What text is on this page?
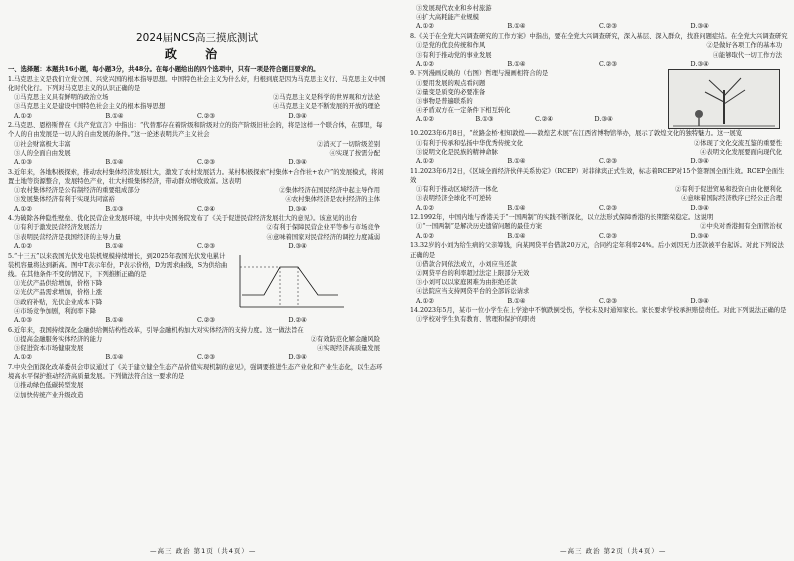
2024届NCS高三摸底测试
政 治

一、选择题：本题共16小题，每小题3分，共48分。在每小题给出的四个选项中，只有一项是符合题目要求的。

1.马克思主义是我们立党立国、兴党兴国的根本指导思想。中国特色社会主义为什么好，归根到底是因为马克思主义行、马克思主义中国化时代化行。下列对马克思主义的认识正确的是

①马克思主义具有鲜明的政治立场	②马克思主义是科学的世界观和方法论
③马克思主义是建设中国特色社会主义的根本指导思想	④马克思主义是不断发展的开放的理论
A.①②	B.①④	C.②③	D.③④

2.马克思、恩格斯曾在《共产党宣言》中指出：“代替那存在着阶级和阶级对立的资产阶级旧社会的，将是这样一个联合体，在那里，每个人的自由发展是一切人的自由发展的条件。”这一论述表明共产主义社会

①社会财富极大丰富	②消灭了一切阶级差别
③人的全面自由发展	④实现了按需分配
A.①③	B.①④	C.②③	D.③④

3.近年来，各地积极探索，推动农村集体经济发展壮大，激发了农村发展活力。某村积极探索“村集体+合作社+农户”的发展模式，将闲置土地等资源整合，发展特色产业，壮大村级集体经济，带动群众增收致富。这表明

①农村集体经济是公有制经济的重要组成部分	②集体经济在国民经济中起主导作用
③发展集体经济有利于实现共同富裕	④农村集体经济是农村经济的主体
A.①②	B.①③	C.②④	D.③④

4.为破除各种隐性壁垒、优化民营企业发展环境，中共中央国务院发布了《关于促进民营经济发展壮大的意见》。该意见的出台

①有利于激发民营经济发展活力	②有利于保障民营企业平等参与市场竞争
③表明民营经济是我国经济的主导力量	④意味着国家对民营经济的调控力度减弱
A.①②	B.①④	C.②③	D.③④

5.“十三五”以来我国光伏发电装机规模持续增长，到2025年我国光伏发电累计装机容量将达到新高。图中T表示年份，P表示价格，D为需求曲线，S为供给曲线。在其他条件不变的情况下，下列推断正确的是

①光伏产品供给增加，价格下降

②光伏产品需求增加，价格上涨

③政府补贴，光伏企业成本下降

④市场竞争加剧，利润率下降

A.①③	B.①④	C.②③	D.②④

6.近年来，我国持续深化金融供给侧结构性改革，引导金融机构加大对实体经济的支持力度。这一做法旨在

①提高金融服务实体经济的能力	②有效防范化解金融风险
③促进资本市场健康发展	④实现经济高质量发展
A.①②	B.①④	C.②③	D.③④

7.中央全面深化改革委员会审议通过了《关于建立健全生态产品价值实现机制的意见》，强调要推进生态产业化和产业生态化，以生态环境高水平保护推动经济高质量发展。下列做法符合这一要求的是

①推动绿色低碳转型发展

②加快传统产业升级改造

③发展现代农业和乡村旅游

④扩大高耗能产业规模

A.①②	B.①④	C.②③	D.③④

8.《关于在全党大兴调查研究的工作方案》中指出，要在全党大兴调查研究，深入基层、深入群众，找准问题症结。在全党大兴调查研究

①是党的优良传统和作风	②是做好各项工作的基本功
③有利于推动党的事业发展	④能够取代一切工作方法
A.①②	B.①④	C.②③	D.③④

9.下列漫画反映的（右图）哲理与漫画相符合的是

①要用发展的观点看问题

②量变是质变的必要准备

③事物是普遍联系的

④矛盾双方在一定条件下相互转化

A.①②	B.①③	C.②④	D.③④

10.2023年6月8日，“丝路金桥·相知敦煌——敦煌艺术展”在江西省博物馆举办，展示了敦煌文化的独特魅力。这一展览

①有利于传承和弘扬中华优秀传统文化	②体现了文化交流互鉴的重要性
③说明文化是民族的精神命脉	④表明文化发展要面向现代化
A.①②	B.①④	C.②③	D.③④

11.2023年6月2日，《区域全面经济伙伴关系协定》（RCEP）对菲律宾正式生效，标志着RCEP对15个签署国全面生效。RCEP全面生效

①有利于推动区域经济一体化	②有利于促进贸易和投资自由化便利化
③表明经济全球化不可逆转	④意味着国际经济秩序已经公正合理
A.①②	B.①④	C.②③	D.③④

12.1992年，中国内地与香港关于“一国两制”的实践不断深化，以立法形式保障香港的长期繁荣稳定。这说明

①“一国两制”是解决历史遗留问题的最佳方案	②中央对香港拥有全面管治权
A.①②	B.①④	C.②③	D.③④

13.32岁的小刘为给生病的父亲筹钱，向某网贷平台借款20万元，合同约定年利率24%。后小刘因无力还款被平台起诉。对此下列说法正确的是

①借款合同依法成立，小刘应当还款

②网贷平台的利率超过法定上限部分无效

③小刘可以以家庭困难为由拒绝还款

④法院应当支持网贷平台的全部诉讼请求

A.①②	B.①④	C.②③	D.③④

14.2023年5月，某市一位小学生在上学途中不慎跌倒受伤，学校未及时通知家长。家长要求学校承担赔偿责任。对此下列说法正确的是

①学校对学生负有教育、管理和保护的职责

—高三 政治 第1页（共4页）—	—高三 政治 第2页（共4页）—
